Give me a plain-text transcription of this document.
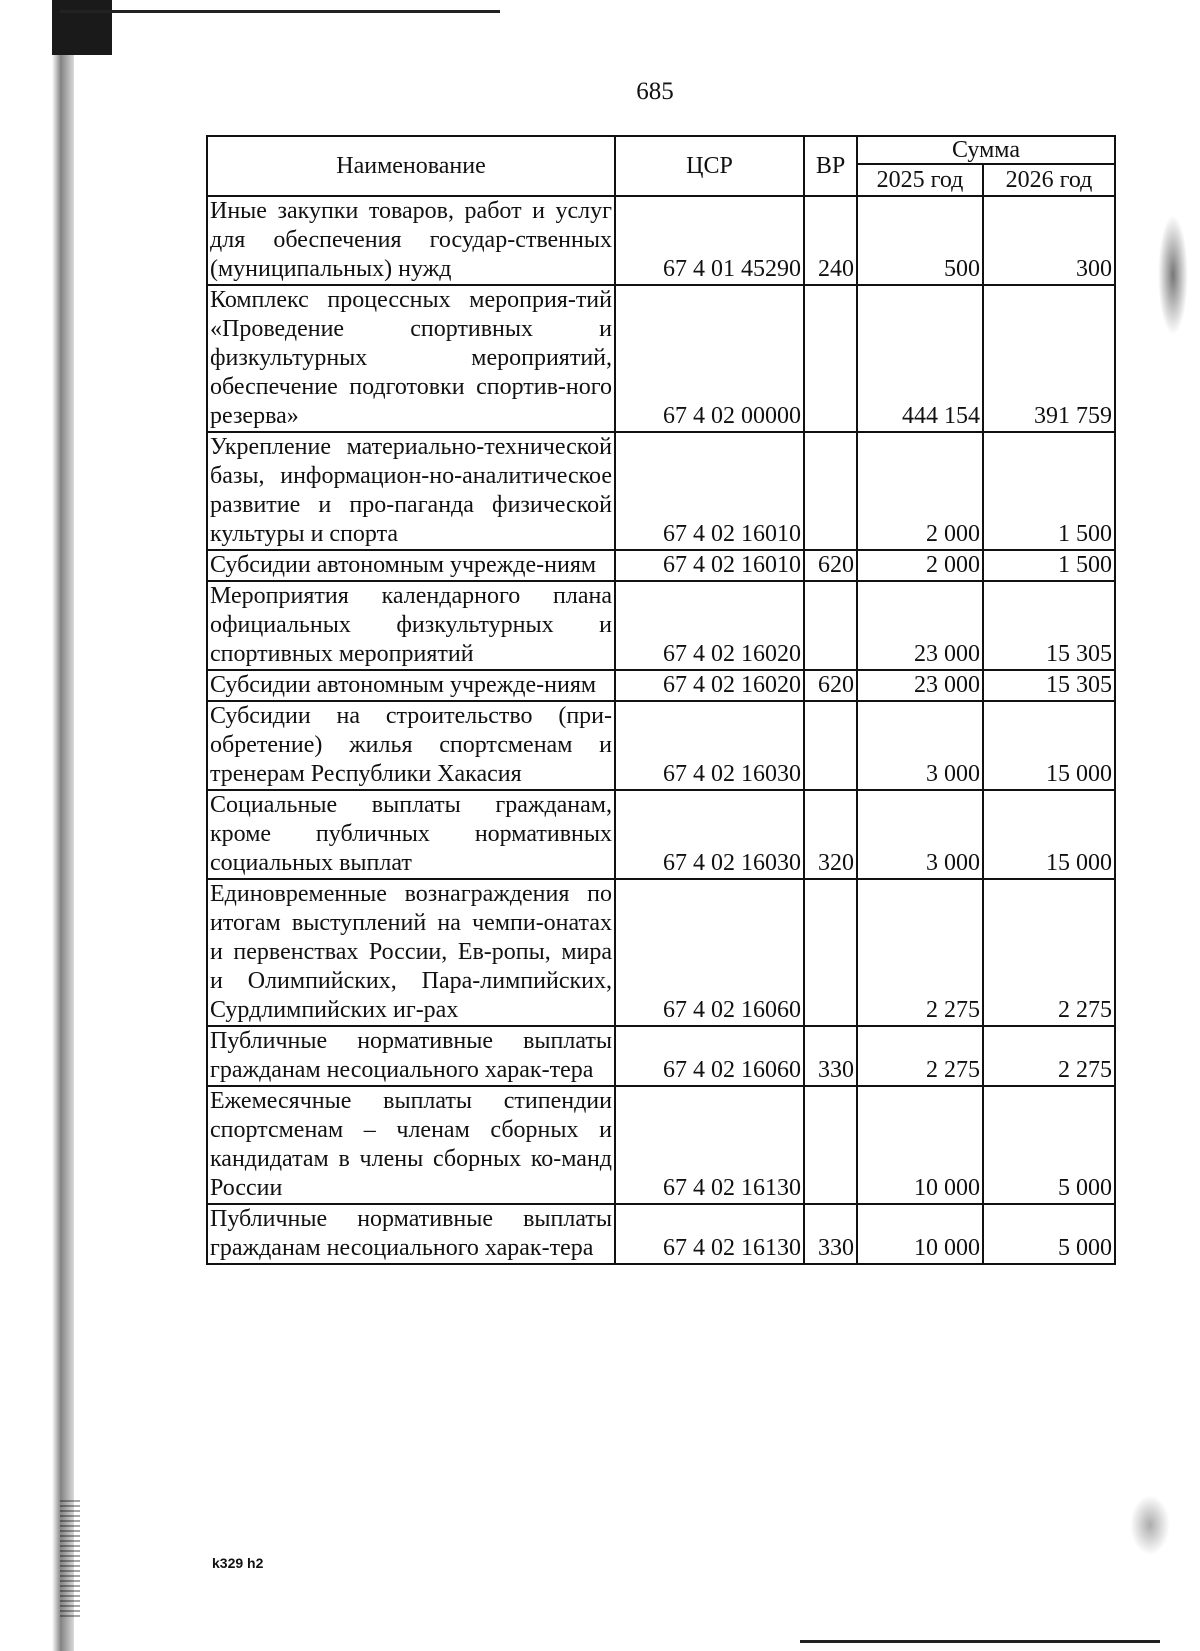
685
Наименование	ЦСР	ВР	Сумма	
			2025 год	2026 год
Иные закупки товаров, работ и услуг для обеспечения государ-ственных (муниципальных) нужд	67 4 01 45290	240	500	300
Комплекс процессных мероприя-тий «Проведение спортивных и физкультурных мероприятий, обеспечение подготовки спортив-ного резерва»	67 4 02 00000		444 154	391 759
Укрепление материально-технической базы, информацион-но-аналитическое развитие и про-паганда физической культуры и спорта	67 4 02 16010		2 000	1 500
Субсидии автономным учрежде-ниям	67 4 02 16010	620	2 000	1 500
Мероприятия календарного плана официальных физкультурных и спортивных мероприятий	67 4 02 16020		23 000	15 305
Субсидии автономным учрежде-ниям	67 4 02 16020	620	23 000	15 305
Субсидии на строительство (при-обретение) жилья спортсменам и тренерам Республики Хакасия	67 4 02 16030		3 000	15 000
Социальные выплаты гражданам, кроме публичных нормативных социальных выплат	67 4 02 16030	320	3 000	15 000
Единовременные вознаграждения по итогам выступлений на чемпи-онатах и первенствах России, Ев-ропы, мира и Олимпийских, Пара-лимпийских, Сурдлимпийских иг-рах	67 4 02 16060		2 275	2 275
Публичные нормативные выплаты гражданам несоциального харак-тера	67 4 02 16060	330	2 275	2 275
Ежемесячные выплаты стипендии спортсменам – членам сборных и кандидатам в члены сборных ко-манд России	67 4 02 16130		10 000	5 000
Публичные нормативные выплаты гражданам несоциального харак-тера	67 4 02 16130	330	10 000	5 000
k329 h2
